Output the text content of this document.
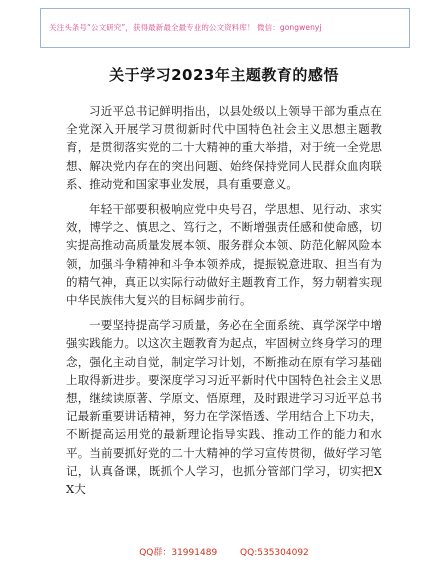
关注头条号“公文研究”，获得最新最全最专业的公文资料库！ 微信：gongwenyj
关于学习2023年主题教育的感悟

习近平总书记鲜明指出，以县处级以上领导干部为重点在全党深入开展学习贯彻新时代中国特色社会主义思想主题教育，是贯彻落实党的二十大精神的重大举措，对于统一全党思想、解决党内存在的突出问题、始终保持党同人民群众血肉联系、推动党和国家事业发展，具有重要意义。

年轻干部要积极响应党中央号召，学思想、见行动、求实效，博学之、慎思之、笃行之，不断增强责任感和使命感，切实提高推动高质量发展本领、服务群众本领、防范化解风险本领，加强斗争精神和斗争本领养成，提振锐意进取、担当有为的精气神，真正以实际行动做好主题教育工作，努力朝着实现中华民族伟大复兴的目标阔步前行。

一要坚持提高学习质量，务必在全面系统、真学深学中增强实践能力。以这次主题教育为起点，牢固树立终身学习的理念，强化主动自觉，制定学习计划，不断推动在原有学习基础上取得新进步。要深度学习习近平新时代中国特色社会主义思想，继续读原著、学原文、悟原理，及时跟进学习习近平总书记最新重要讲话精神，努力在学深悟透、学用结合上下功夫，不断提高运用党的最新理论指导实践、推动工作的能力和水平。当前要抓好党的二十大精神的学习宣传贯彻，做好学习笔记，认真备课，既抓个人学习，也抓分管部门学习，切实把XX大

QQ群：31991489	QQ:535304092
